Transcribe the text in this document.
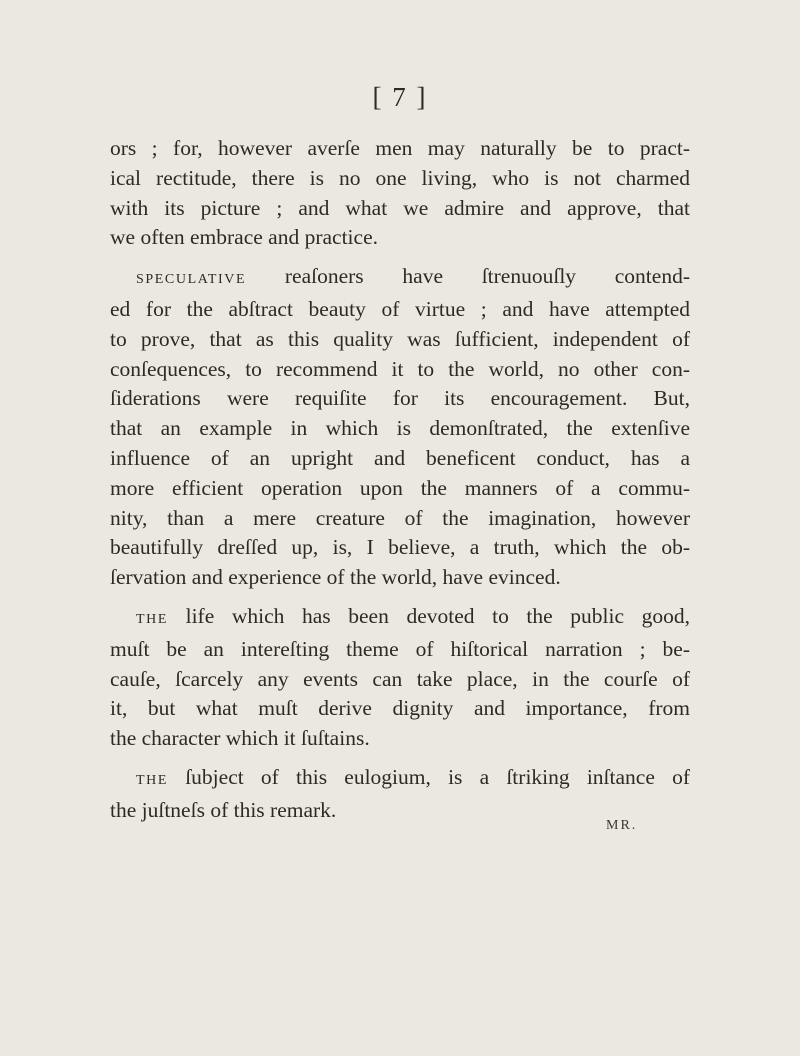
[ 7 ]

ors ; for, however averſe men may naturally be to pract-
ical rectitude, there is no one living, who is not charmed
with its picture ; and what we admire and approve, that
we often embrace and practice.

SPECULATIVE reaſoners have ſtrenuouſly contend-
ed for the abſtract beauty of virtue ; and have attempted
to prove, that as this quality was ſufficient, independent of
conſequences, to recommend it to the world, no other con-
ſiderations were requiſite for its encouragement. But,
that an example in which is demonſtrated, the extenſive
influence of an upright and beneficent conduct, has a
more efficient operation upon the manners of a commu-
nity, than a mere creature of the imagination, however
beautifully dreſſed up, is, I believe, a truth, which the ob-
ſervation and experience of the world, have evinced.

THE life which has been devoted to the public good,
muſt be an intereſting theme of hiſtorical narration ; be-
cauſe, ſcarcely any events can take place, in the courſe of
it, but what muſt derive dignity and importance, from
the character which it ſuſtains.

THE ſubject of this eulogium, is a ſtriking inſtance of
the juſtneſs of this remark.

MR.
